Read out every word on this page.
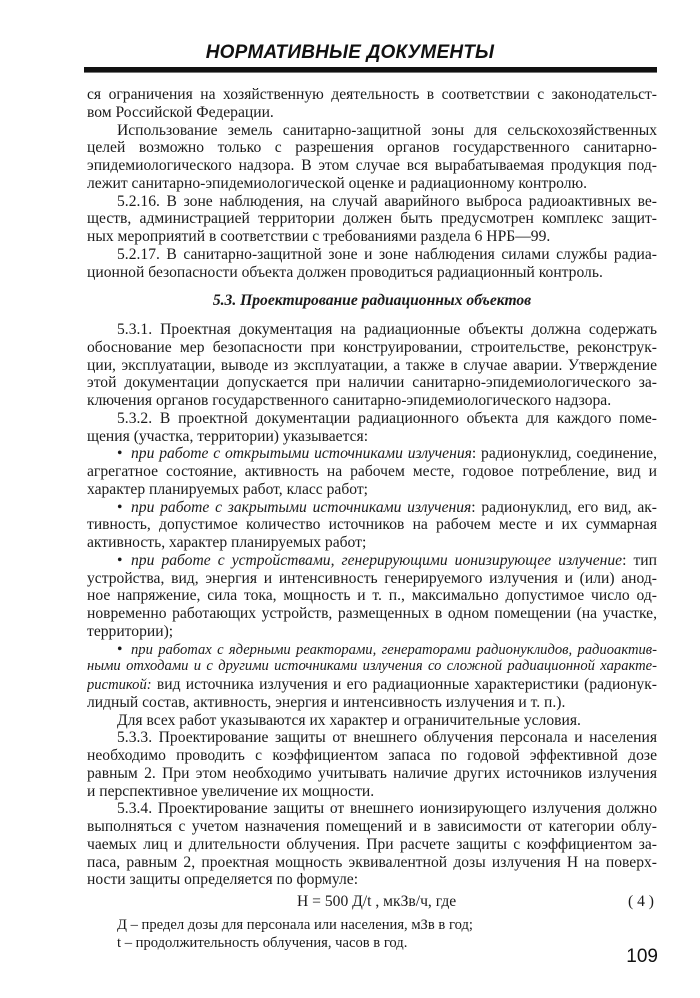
НОРМАТИВНЫЕ ДОКУМЕНТЫ
ся ограничения на хозяйственную деятельность в соответствии с законодательст-
вом Российской Федерации.
Использование земель санитарно-защитной зоны для сельскохозяйственных
целей возможно только с разрешения органов государственного санитарно-
эпидемиологического надзора. В этом случае вся вырабатываемая продукция под-
лежит санитарно-эпидемиологической оценке и радиационному контролю.
5.2.16. В зоне наблюдения, на случай аварийного выброса радиоактивных ве-
ществ, администрацией территории должен быть предусмотрен комплекс защит-
ных мероприятий в соответствии с требованиями раздела 6 НРБ—99.
5.2.17. В санитарно-защитной зоне и зоне наблюдения силами службы радиа-
ционной безопасности объекта должен проводиться радиационный контроль.
5.3. Проектирование радиационных объектов
5.3.1. Проектная документация на радиационные объекты должна содержать
обоснование мер безопасности при конструировании, строительстве, реконструк-
ции, эксплуатации, выводе из эксплуатации, а также в случае аварии. Утверждение
этой документации допускается при наличии санитарно-эпидемиологического за-
ключения органов государственного санитарно-эпидемиологического надзора.
5.3.2. В проектной документации радиационного объекта для каждого поме-
щения (участка, территории) указывается:
• при работе с открытыми источниками излучения: радионуклид, соединение,
агрегатное состояние, активность на рабочем месте, годовое потребление, вид и
характер планируемых работ, класс работ;
• при работе с закрытыми источниками излучения: радионуклид, его вид, ак-
тивность, допустимое количество источников на рабочем месте и их суммарная
активность, характер планируемых работ;
• при работе с устройствами, генерирующими ионизирующее излучение: тип
устройства, вид, энергия и интенсивность генерируемого излучения и (или) анод-
ное напряжение, сила тока, мощность и т. п., максимально допустимое число од-
новременно работающих устройств, размещенных в одном помещении (на участке,
территории);
• при работах с ядерными реакторами, генераторами радионуклидов, радиоактив-
ными отходами и с другими источниками излучения со сложной радиационной характе-
ристикой: вид источника излучения и его радиационные характеристики (радионук-
лидный состав, активность, энергия и интенсивность излучения и т. п.).
Для всех работ указываются их характер и ограничительные условия.
5.3.3. Проектирование защиты от внешнего облучения персонала и населения
необходимо проводить с коэффициентом запаса по годовой эффективной дозе
равным 2. При этом необходимо учитывать наличие других источников излучения
и перспективное увеличение их мощности.
5.3.4. Проектирование защиты от внешнего ионизирующего излучения должно
выполняться с учетом назначения помещений и в зависимости от категории облу-
чаемых лиц и длительности облучения. При расчете защиты с коэффициентом за-
паса, равным 2, проектная мощность эквивалентной дозы излучения Н на поверх-
ности защиты определяется по формуле:
Н = 500 Д/t , мкЗв/ч, где	( 4 )
Д – предел дозы для персонала или населения, мЗв в год;
t – продолжительность облучения, часов в год.
109
